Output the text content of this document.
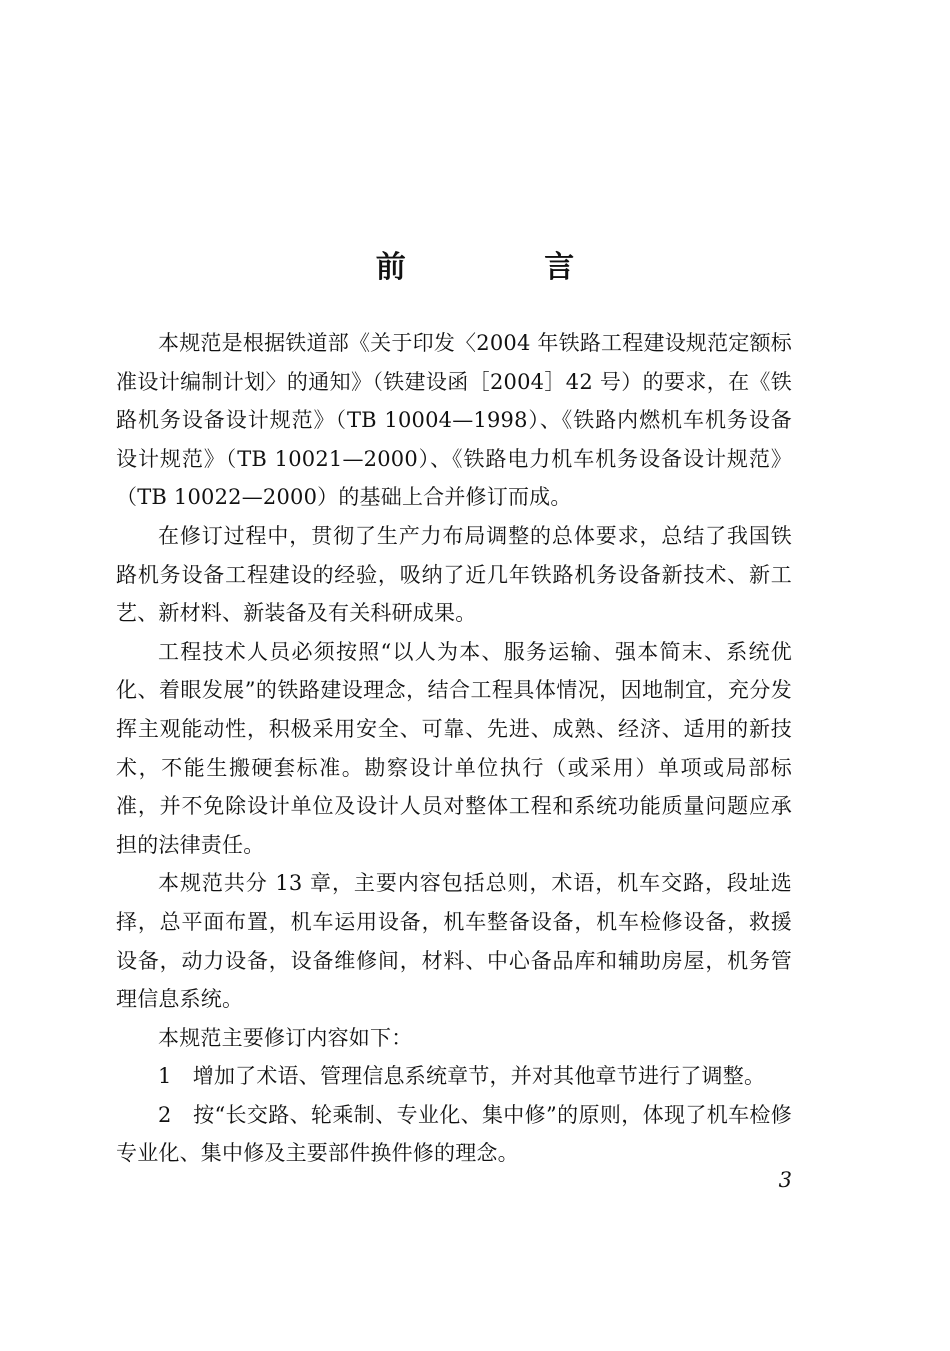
前 言

本规范是根据铁道部《关于印发〈2004 年铁路工程建设规范定额标准设计编制计划〉的通知》（铁建设函［2004］42 号）的要求，在《铁路机务设备设计规范》（TB 10004—1998）、《铁路内燃机车机务设备设计规范》（TB 10021—2000）、《铁路电力机车机务设备设计规范》（TB 10022—2000）的基础上合并修订而成。

在修订过程中，贯彻了生产力布局调整的总体要求，总结了我国铁路机务设备工程建设的经验，吸纳了近几年铁路机务设备新技术、新工艺、新材料、新装备及有关科研成果。

工程技术人员必须按照“以人为本、服务运输、强本简末、系统优化、着眼发展”的铁路建设理念，结合工程具体情况，因地制宜，充分发挥主观能动性，积极采用安全、可靠、先进、成熟、经济、适用的新技术，不能生搬硬套标准。勘察设计单位执行（或采用）单项或局部标准，并不免除设计单位及设计人员对整体工程和系统功能质量问题应承担的法律责任。

本规范共分 13 章，主要内容包括总则，术语，机车交路，段址选择，总平面布置，机车运用设备，机车整备设备，机车检修设备，救援设备，动力设备，设备维修间，材料、中心备品库和辅助房屋，机务管理信息系统。

本规范主要修订内容如下：

1　增加了术语、管理信息系统章节，并对其他章节进行了调整。

2　按“长交路、轮乘制、专业化、集中修”的原则，体现了机车检修专业化、集中修及主要部件换件修的理念。

3
